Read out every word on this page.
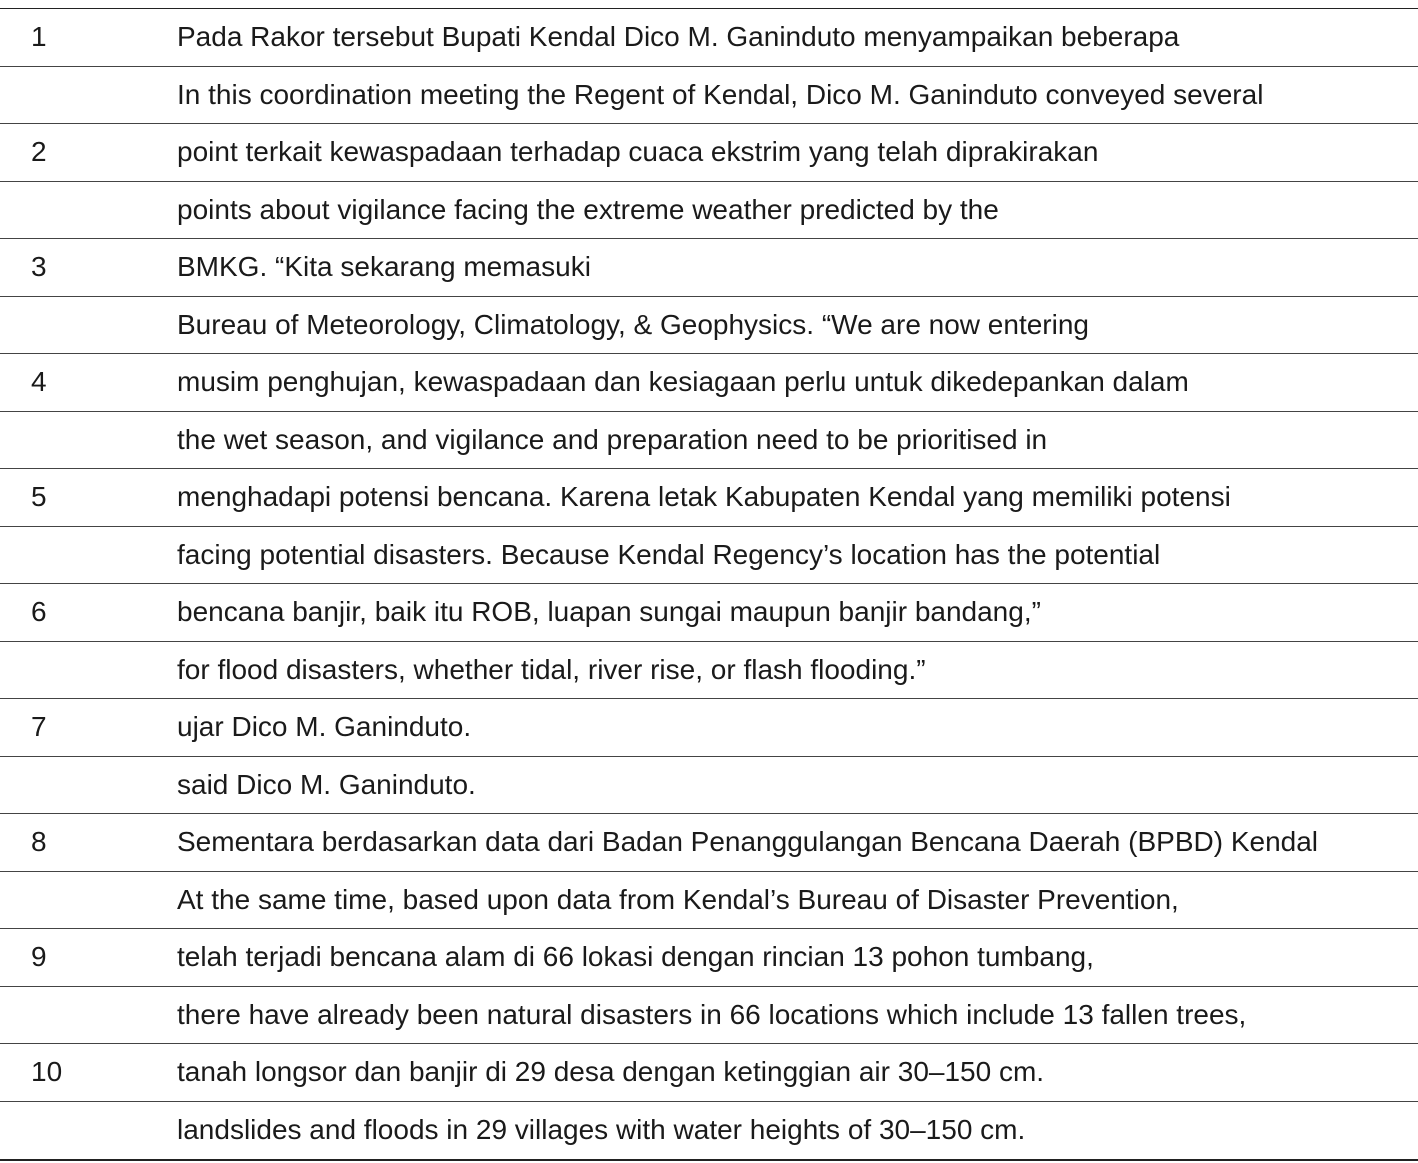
1	Pada Rakor tersebut Bupati Kendal Dico M. Ganinduto menyampaikan beberapa
In this coordination meeting the Regent of Kendal, Dico M. Ganinduto conveyed several
2	point terkait kewaspadaan terhadap cuaca ekstrim yang telah diprakirakan
points about vigilance facing the extreme weather predicted by the
3	BMKG. “Kita sekarang memasuki
Bureau of Meteorology, Climatology, & Geophysics. “We are now entering
4	musim penghujan, kewaspadaan dan kesiagaan perlu untuk dikedepankan dalam
the wet season, and vigilance and preparation need to be prioritised in
5	menghadapi potensi bencana. Karena letak Kabupaten Kendal yang memiliki potensi
facing potential disasters. Because Kendal Regency’s location has the potential
6	bencana banjir, baik itu ROB, luapan sungai maupun banjir bandang,”
for flood disasters, whether tidal, river rise, or flash flooding.”
7	ujar Dico M. Ganinduto.
said Dico M. Ganinduto.
8	Sementara berdasarkan data dari Badan Penanggulangan Bencana Daerah (BPBD) Kendal
At the same time, based upon data from Kendal’s Bureau of Disaster Prevention,
9	telah terjadi bencana alam di 66 lokasi dengan rincian 13 pohon tumbang,
there have already been natural disasters in 66 locations which include 13 fallen trees,
10	tanah longsor dan banjir di 29 desa dengan ketinggian air 30–150 cm.
landslides and floods in 29 villages with water heights of 30–150 cm.
